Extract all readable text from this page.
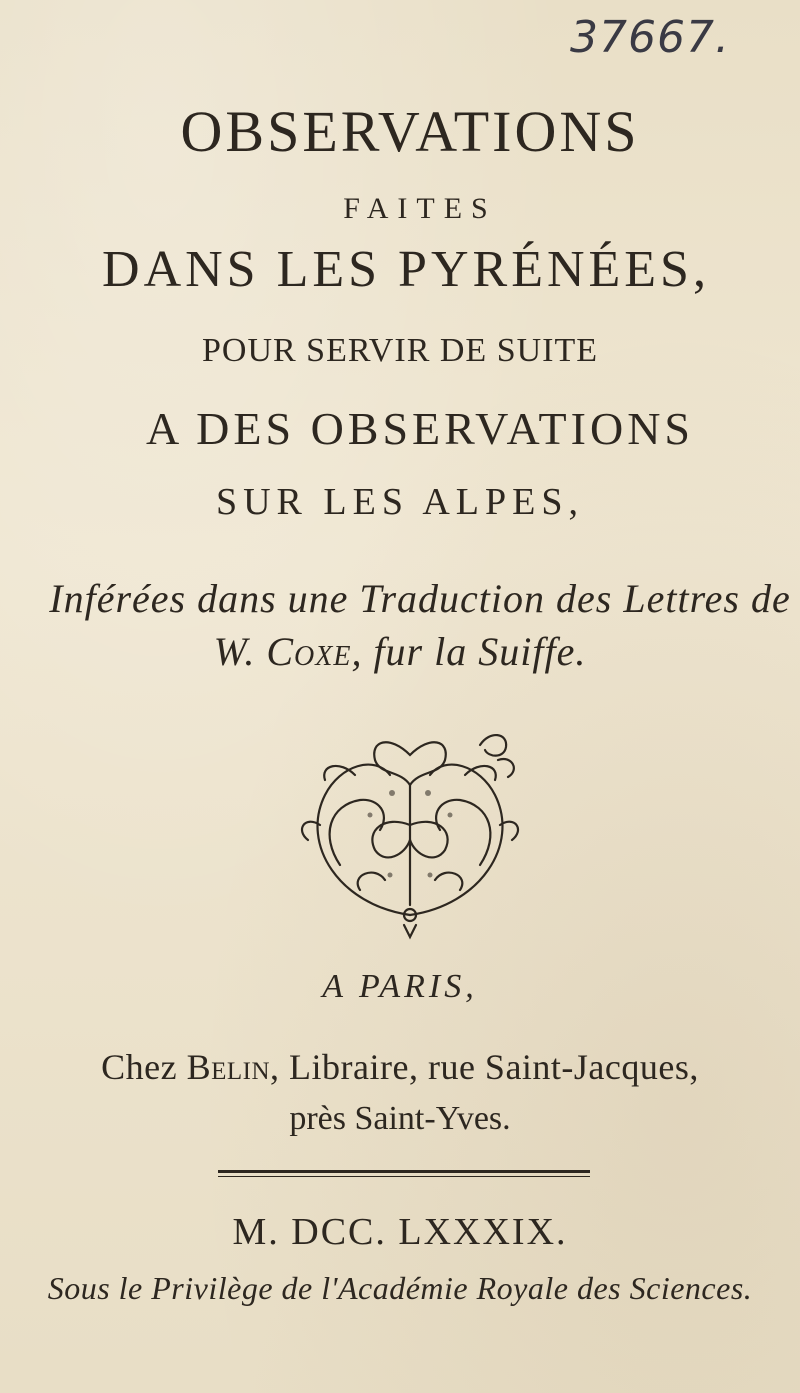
37667.
OBSERVATIONS
FAITES
DANS LES PYRÉNÉES,
POUR SERVIR DE SUITE
A DES OBSERVATIONS
SUR LES ALPES,
Inférées dans une Traduction des Lettres de
W. Coxe, fur la Suiffe.
A PARIS,
Chez Belin, Libraire, rue Saint-Jacques,
près Saint-Yves.
M. DCC. LXXXIX.
Sous le Privilège de l'Académie Royale des Sciences.
